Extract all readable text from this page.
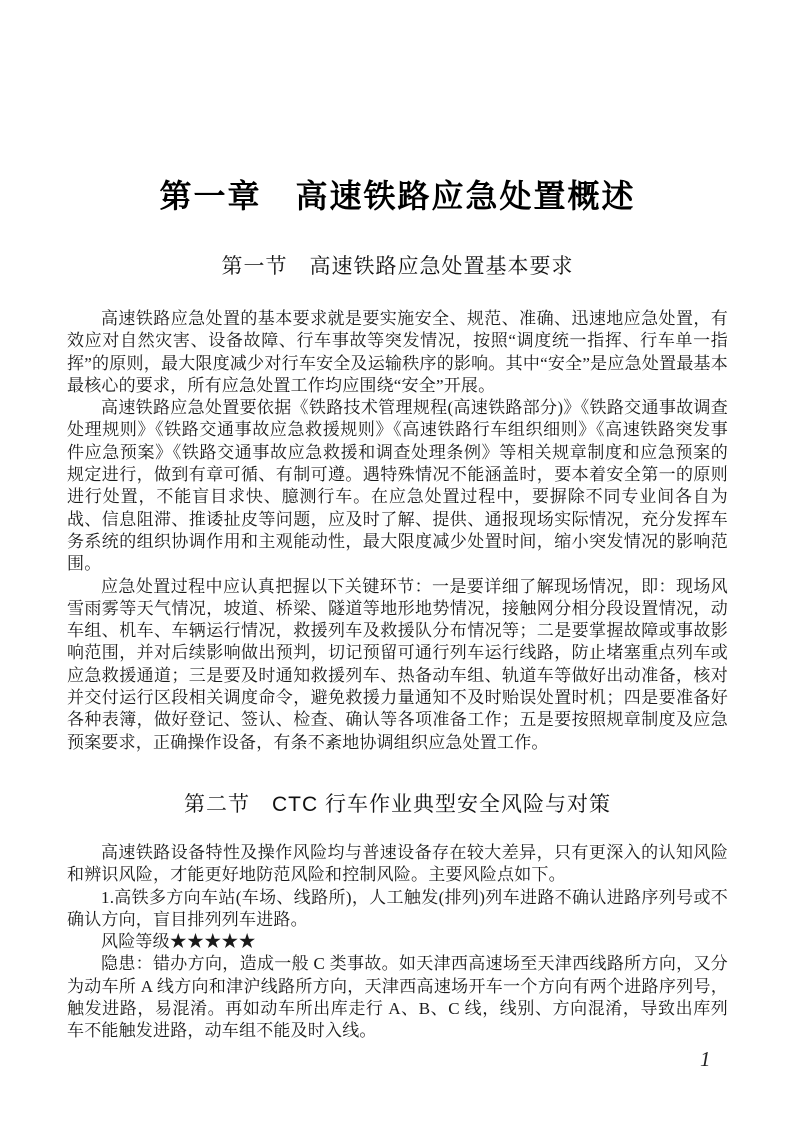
第一章　高速铁路应急处置概述
第一节　高速铁路应急处置基本要求

高速铁路应急处置的基本要求就是要实施安全、规范、准确、迅速地应急处置，有效应对自然灾害、设备故障、行车事故等突发情况，按照“调度统一指挥、行车单一指挥”的原则，最大限度减少对行车安全及运输秩序的影响。其中“安全”是应急处置最基本最核心的要求，所有应急处置工作均应围绕“安全”开展。

高速铁路应急处置要依据《铁路技术管理规程(高速铁路部分)》《铁路交通事故调查处理规则》《铁路交通事故应急救援规则》《高速铁路行车组织细则》《高速铁路突发事件应急预案》《铁路交通事故应急救援和调查处理条例》等相关规章制度和应急预案的规定进行，做到有章可循、有制可遵。遇特殊情况不能涵盖时，要本着安全第一的原则进行处置，不能盲目求快、臆测行车。在应急处置过程中，要摒除不同专业间各自为战、信息阻滞、推诿扯皮等问题，应及时了解、提供、通报现场实际情况，充分发挥车务系统的组织协调作用和主观能动性，最大限度减少处置时间，缩小突发情况的影响范围。

应急处置过程中应认真把握以下关键环节：一是要详细了解现场情况，即：现场风雪雨雾等天气情况，坡道、桥梁、隧道等地形地势情况，接触网分相分段设置情况，动车组、机车、车辆运行情况，救援列车及救援队分布情况等；二是要掌握故障或事故影响范围，并对后续影响做出预判，切记预留可通行列车运行线路，防止堵塞重点列车或应急救援通道；三是要及时通知救援列车、热备动车组、轨道车等做好出动准备，核对并交付运行区段相关调度命令，避免救援力量通知不及时贻误处置时机；四是要准备好各种表簿，做好登记、签认、检查、确认等各项准备工作；五是要按照规章制度及应急预案要求，正确操作设备，有条不紊地协调组织应急处置工作。

第二节　CTC 行车作业典型安全风险与对策

高速铁路设备特性及操作风险均与普速设备存在较大差异，只有更深入的认知风险和辨识风险，才能更好地防范风险和控制风险。主要风险点如下。

1.高铁多方向车站(车场、线路所)，人工触发(排列)列车进路不确认进路序列号或不确认方向，盲目排列列车进路。

风险等级★★★★★

隐患：错办方向，造成一般 C 类事故。如天津西高速场至天津西线路所方向，又分为动车所 A 线方向和津沪线路所方向，天津西高速场开车一个方向有两个进路序列号，触发进路，易混淆。再如动车所出库走行 A、B、C 线，线别、方向混淆，导致出库列车不能触发进路，动车组不能及时入线。

1
